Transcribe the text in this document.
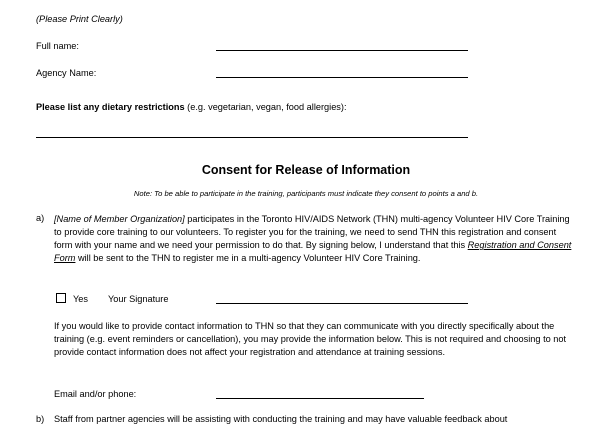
(Please Print Clearly)
Full name:
Agency Name:
Please list any dietary restrictions (e.g. vegetarian, vegan, food allergies):
Consent for Release of Information
Note: To be able to participate in the training, participants must indicate they consent to points a and b.
a) [Name of Member Organization] participates in the Toronto HIV/AIDS Network (THN) multi-agency Volunteer HIV Core Training to provide core training to our volunteers. To register you for the training, we need to send THN this registration and consent form with your name and we need your permission to do that. By signing below, I understand that this Registration and Consent Form will be sent to the THN to register me in a multi-agency Volunteer HIV Core Training.
Yes Your Signature
If you would like to provide contact information to THN so that they can communicate with you directly specifically about the training (e.g. event reminders or cancellation), you may provide the information below. This is not required and choosing to not provide contact information does not affect your registration and attendance at training sessions.
Email and/or phone:
b) Staff from partner agencies will be assisting with conducting the training and may have valuable feedback about
